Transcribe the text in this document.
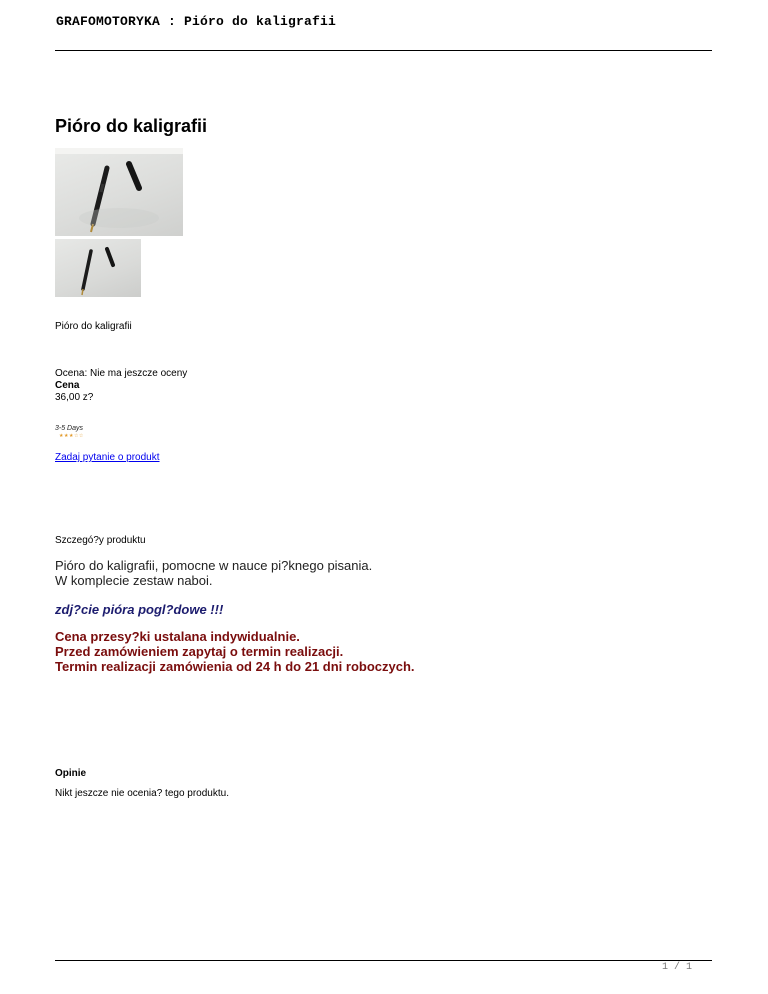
GRAFOMOTORYKA : Pióro do kaligrafii
Pióro do kaligrafii
Pióro do kaligrafii
Ocena: Nie ma jeszcze oceny
Cena
36,00 z?
3-5 Days
★★★☆☆
Zadaj pytanie o produkt
Szczegó?y produktu
Pióro do kaligrafii, pomocne w nauce pi?knego pisania.
W komplecie zestaw naboi.
zdj?cie pióra pogl?dowe !!!
Cena przesy?ki ustalana indywidualnie.
Przed zamówieniem zapytaj o termin realizacji.
Termin realizacji zamówienia od 24 h do 21 dni roboczych.
Opinie
Nikt jeszcze nie ocenia? tego produktu.
1 / 1
